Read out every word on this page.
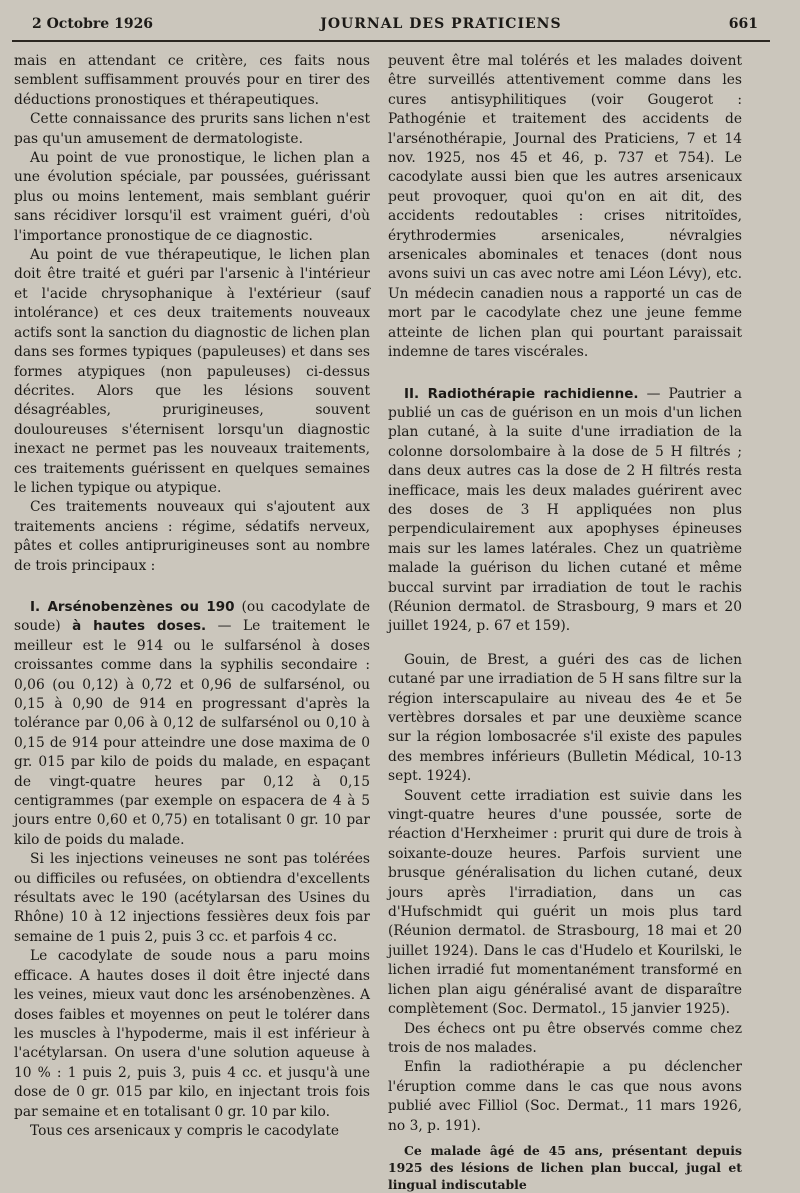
2 Octobre 1926	JOURNAL DES PRATICIENS	661

mais en attendant ce critère, ces faits nous semblent suffisamment prouvés pour en tirer des déductions pronostiques et thérapeutiques.

Cette connaissance des prurits sans lichen n'est pas qu'un amusement de dermatologiste.

Au point de vue pronostique, le lichen plan a une évolution spéciale, par poussées, guérissant plus ou moins lentement, mais semblant guérir sans récidiver lorsqu'il est vraiment guéri, d'où l'importance pronostique de ce diagnostic.

Au point de vue thérapeutique, le lichen plan doit être traité et guéri par l'arsenic à l'intérieur et l'acide chrysophanique à l'extérieur (sauf intolérance) et ces deux traitements nouveaux actifs sont la sanction du diagnostic de lichen plan dans ses formes typiques (papuleuses) et dans ses formes atypiques (non papuleuses) ci-dessus décrites. Alors que les lésions souvent désagréables, prurigineuses, souvent douloureuses s'éternisent lorsqu'un diagnostic inexact ne permet pas les nouveaux traitements, ces traitements guérissent en quelques semaines le lichen typique ou atypique.

Ces traitements nouveaux qui s'ajoutent aux traitements anciens : régime, sédatifs nerveux, pâtes et colles antiprurigineuses sont au nombre de trois principaux :

I. Arsénobenzènes ou 190 (ou cacodylate de soude) à hautes doses. — Le traitement le meilleur est le 914 ou le sulfarsénol à doses croissantes comme dans la syphilis secondaire : 0,06 (ou 0,12) à 0,72 et 0,96 de sulfarsénol, ou 0,15 à 0,90 de 914 en progressant d'après la tolérance par 0,06 à 0,12 de sulfarsénol ou 0,10 à 0,15 de 914 pour atteindre une dose maxima de 0 gr. 015 par kilo de poids du malade, en espaçant de vingt-quatre heures par 0,12 à 0,15 centigrammes (par exemple on espacera de 4 à 5 jours entre 0,60 et 0,75) en totalisant 0 gr. 10 par kilo de poids du malade.

Si les injections veineuses ne sont pas tolérées ou difficiles ou refusées, on obtiendra d'excellents résultats avec le 190 (acétylarsan des Usines du Rhône) 10 à 12 injections fessières deux fois par semaine de 1 puis 2, puis 3 cc. et parfois 4 cc.

Le cacodylate de soude nous a paru moins efficace. A hautes doses il doit être injecté dans les veines, mieux vaut donc les arsénobenzènes. A doses faibles et moyennes on peut le tolérer dans les muscles à l'hypoderme, mais il est inférieur à l'acétylarsan. On usera d'une solution aqueuse à 10 % : 1 puis 2, puis 3, puis 4 cc. et jusqu'à une dose de 0 gr. 015 par kilo, en injectant trois fois par semaine et en totalisant 0 gr. 10 par kilo.

Tous ces arsenicaux y compris le cacodylate

peuvent être mal tolérés et les malades doivent être surveillés attentivement comme dans les cures antisyphilitiques (voir Gougerot : Pathogénie et traitement des accidents de l'arsénothérapie, Journal des Praticiens, 7 et 14 nov. 1925, nos 45 et 46, p. 737 et 754). Le cacodylate aussi bien que les autres arsenicaux peut provoquer, quoi qu'on en ait dit, des accidents redoutables : crises nitritoïdes, érythrodermies arsenicales, névralgies arsenicales abominales et tenaces (dont nous avons suivi un cas avec notre ami Léon Lévy), etc. Un médecin canadien nous a rapporté un cas de mort par le cacodylate chez une jeune femme atteinte de lichen plan qui pourtant paraissait indemne de tares viscérales.

II. Radiothérapie rachidienne. — Pautrier a publié un cas de guérison en un mois d'un lichen plan cutané, à la suite d'une irradiation de la colonne dorsolombaire à la dose de 5 H filtrés ; dans deux autres cas la dose de 2 H filtrés resta inefficace, mais les deux malades guérirent avec des doses de 3 H appliquées non plus perpendiculairement aux apophyses épineuses mais sur les lames latérales. Chez un quatrième malade la guérison du lichen cutané et même buccal survint par irradiation de tout le rachis (Réunion dermatol. de Strasbourg, 9 mars et 20 juillet 1924, p. 67 et 159).

Gouin, de Brest, a guéri des cas de lichen cutané par une irradiation de 5 H sans filtre sur la région interscapulaire au niveau des 4e et 5e vertèbres dorsales et par une deuxième scance sur la région lombosacrée s'il existe des papules des membres inférieurs (Bulletin Médical, 10-13 sept. 1924).

Souvent cette irradiation est suivie dans les vingt-quatre heures d'une poussée, sorte de réaction d'Herxheimer : prurit qui dure de trois à soixante-douze heures. Parfois survient une brusque généralisation du lichen cutané, deux jours après l'irradiation, dans un cas d'Hufschmidt qui guérit un mois plus tard (Réunion dermatol. de Strasbourg, 18 mai et 20 juillet 1924). Dans le cas d'Hudelo et Kourilski, le lichen irradié fut momentanément transformé en lichen plan aigu généralisé avant de disparaître complètement (Soc. Dermatol., 15 janvier 1925).

Des échecs ont pu être observés comme chez trois de nos malades.

Enfin la radiothérapie a pu déclencher l'éruption comme dans le cas que nous avons publié avec Filliol (Soc. Dermat., 11 mars 1926, no 3, p. 191).

Ce malade âgé de 45 ans, présentant depuis 1925 des lésions de lichen plan buccal, jugal et lingual indiscutable
